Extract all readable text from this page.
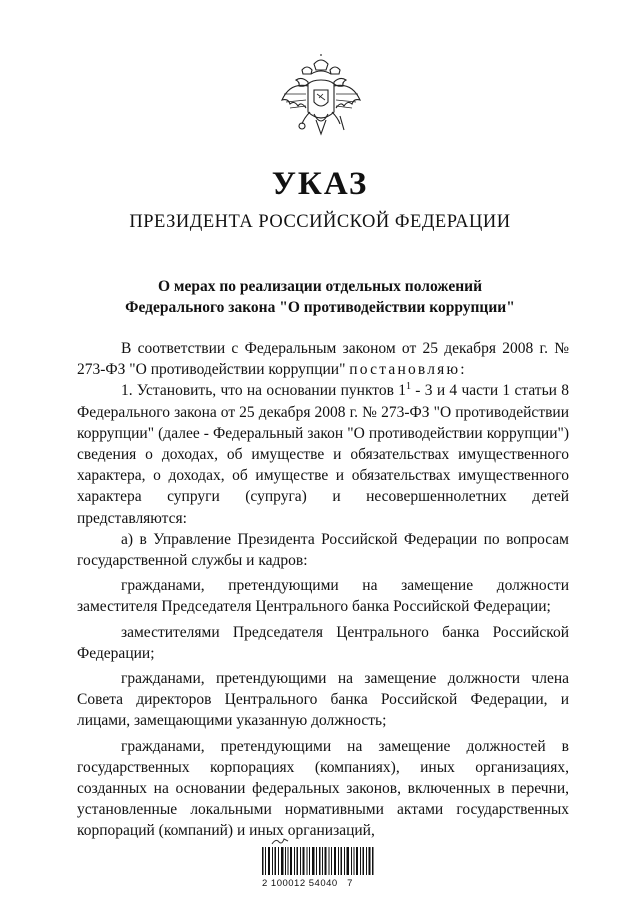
УКАЗ
ПРЕЗИДЕНТА РОССИЙСКОЙ ФЕДЕРАЦИИ
О мерах по реализации отдельных положений
Федерального закона "О противодействии коррупции"

В соответствии с Федеральным законом от 25 декабря 2008 г. № 273-ФЗ "О противодействии коррупции" постановляю:

1. Установить, что на основании пунктов $1^1 - 3$ и 4 части 1 статьи 8 Федерального закона от 25 декабря 2008 г. № 273-ФЗ "О противодействии коррупции" (далее - Федеральный закон "О противодействии коррупции") сведения о доходах, об имуществе и обязательствах имущественного характера, о доходах, об имуществе и обязательствах имущественного характера супруги (супруга) и несовершеннолетних детей представляются:

а) в Управление Президента Российской Федерации по вопросам государственной службы и кадров:

гражданами, претендующими на замещение должности заместителя Председателя Центрального банка Российской Федерации;

заместителями Председателя Центрального банка Российской Федерации;

гражданами, претендующими на замещение должности члена Совета директоров Центрального банка Российской Федерации, и лицами, замещающими указанную должность;

гражданами, претендующими на замещение должностей в государственных корпорациях (компаниях), иных организациях, созданных на основании федеральных законов, включенных в перечни, установленные локальными нормативными актами государственных корпораций (компаний) и иных организаций,

2 100012 54040   7
